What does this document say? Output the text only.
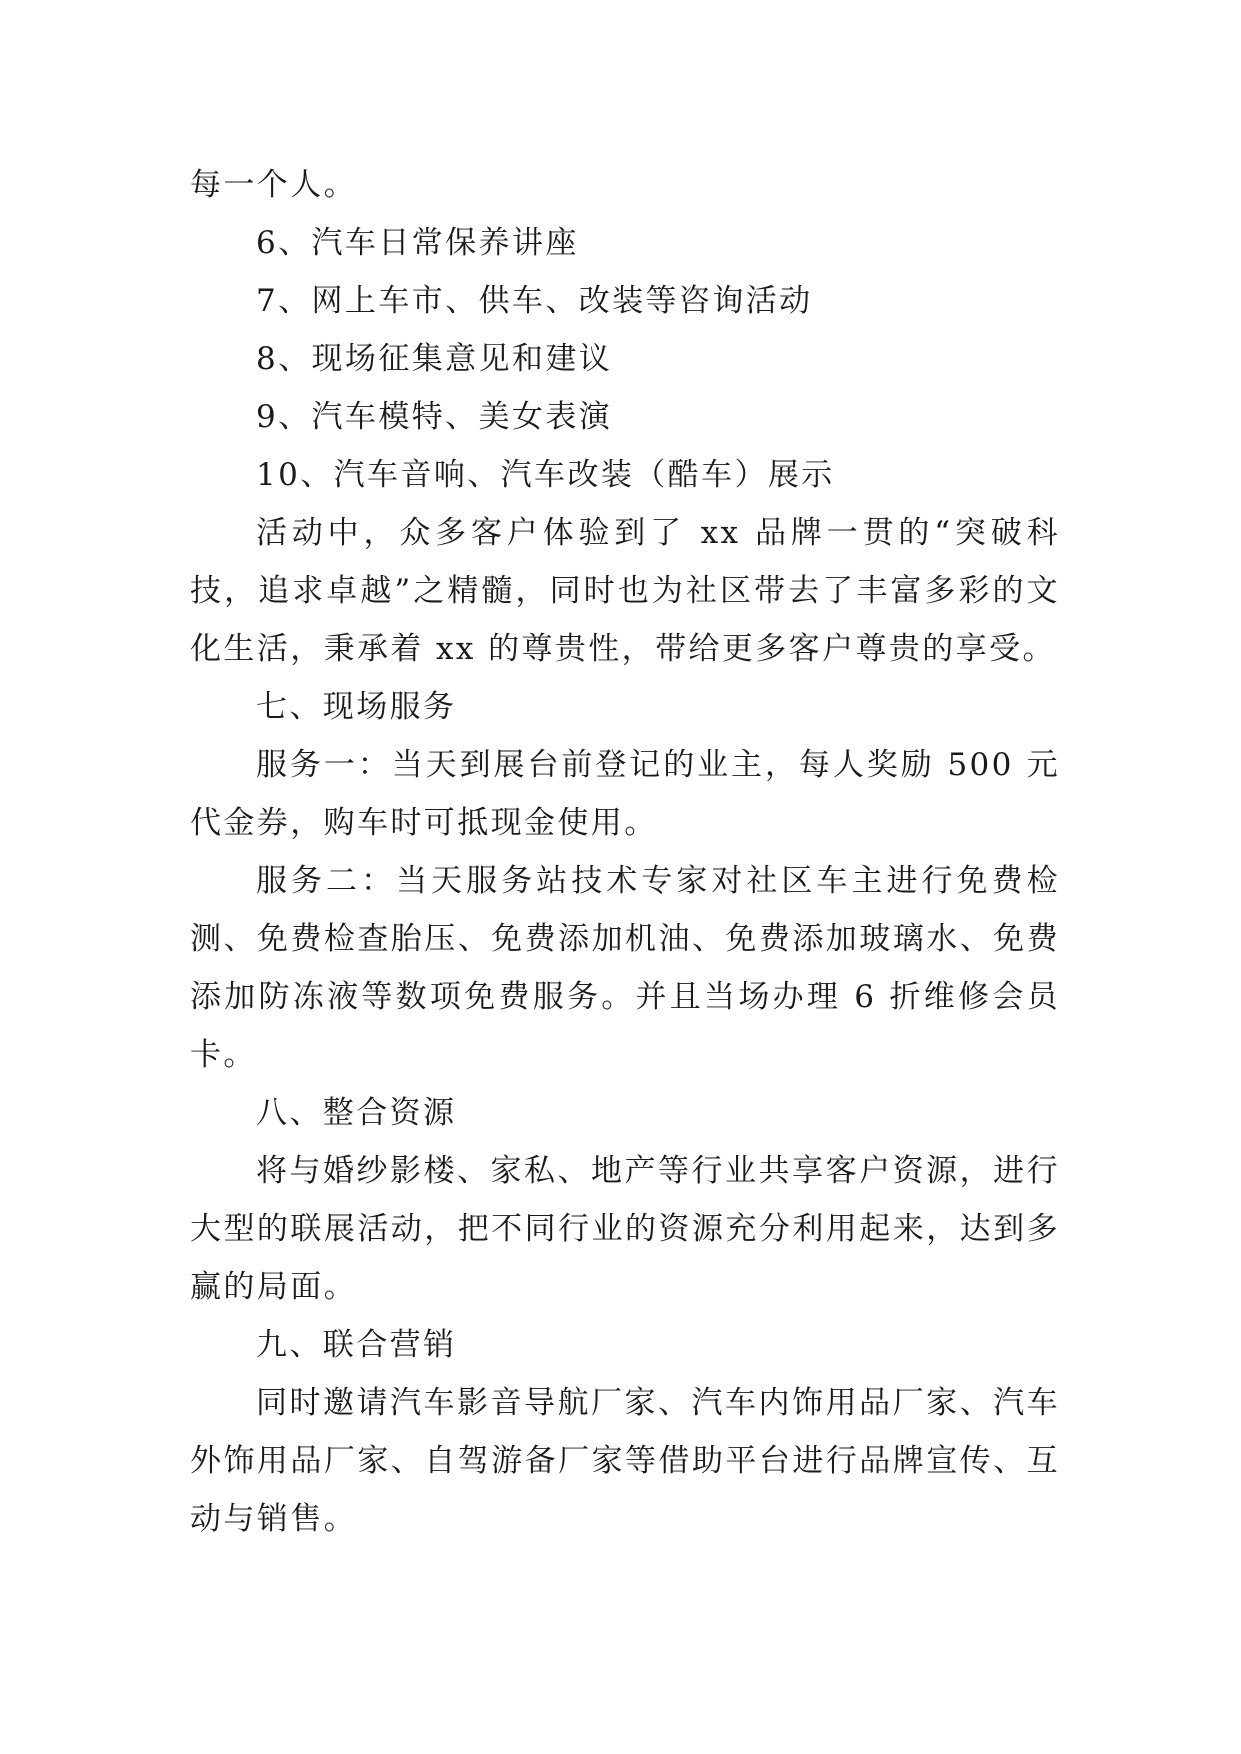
每一个人。

6、汽车日常保养讲座

7、网上车市、供车、改装等咨询活动

8、现场征集意见和建议

9、汽车模特、美女表演

10、汽车音响、汽车改装（酷车）展示

活动中，众多客户体验到了 xx 品牌一贯的“突破科技，追求卓越”之精髓，同时也为社区带去了丰富多彩的文化生活，秉承着 xx 的尊贵性，带给更多客户尊贵的享受。

七、现场服务

服务一：当天到展台前登记的业主，每人奖励 500 元代金券，购车时可抵现金使用。

服务二：当天服务站技术专家对社区车主进行免费检测、免费检查胎压、免费添加机油、免费添加玻璃水、免费添加防冻液等数项免费服务。并且当场办理 6 折维修会员卡。

八、整合资源

将与婚纱影楼、家私、地产等行业共享客户资源，进行大型的联展活动，把不同行业的资源充分利用起来，达到多赢的局面。

九、联合营销

同时邀请汽车影音导航厂家、汽车内饰用品厂家、汽车外饰用品厂家、自驾游备厂家等借助平台进行品牌宣传、互动与销售。
